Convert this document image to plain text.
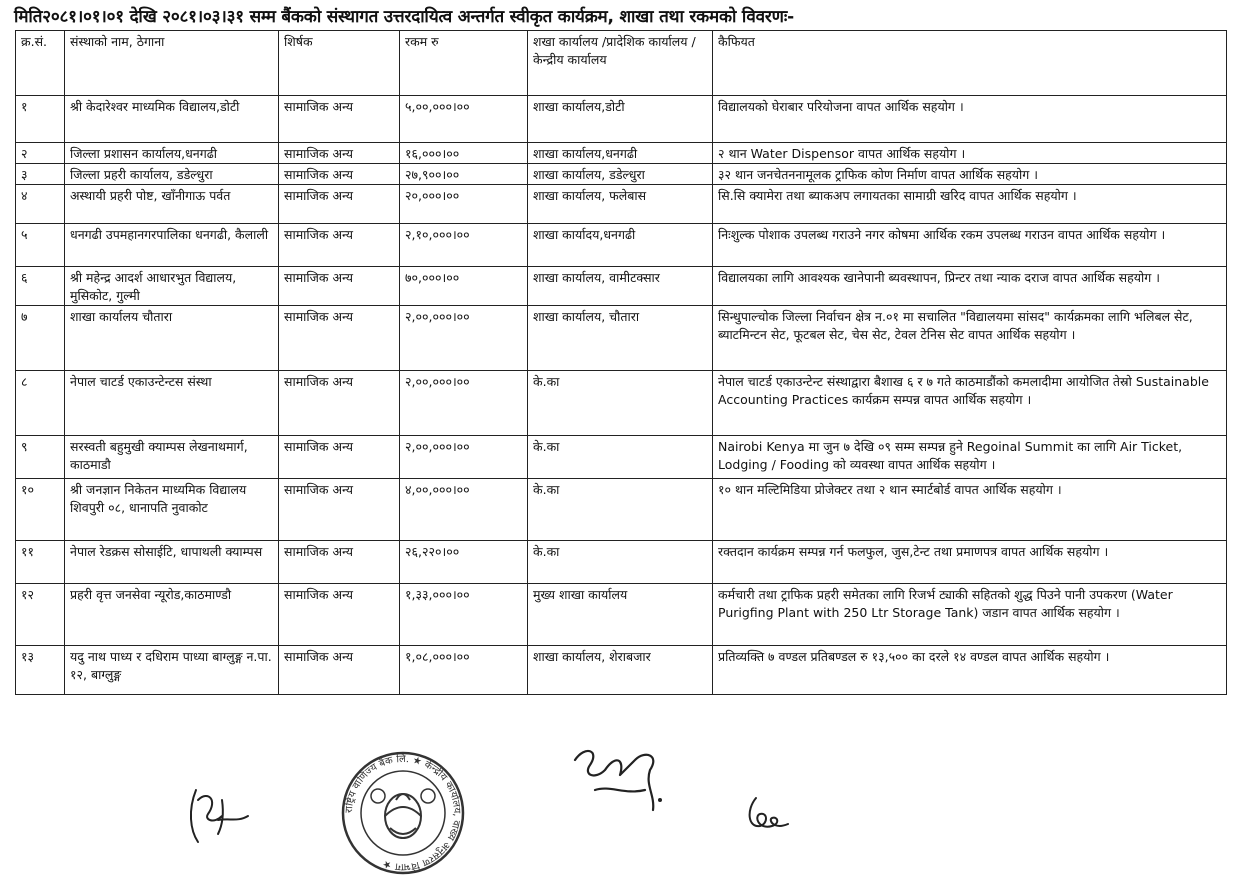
मिति२०८१।०१।०१ देखि २०८१।०३।३१ सम्म बैंकको संस्थागत उत्तरदायित्व अन्तर्गत स्वीकृत कार्यक्रम, शाखा तथा रकमको विवरणः-
क्र.सं.	संस्थाको नाम, ठेगाना	शिर्षक	रकम रु	शखा कार्यालय /प्रादेशिक कार्यालय / केन्द्रीय कार्यालय	कैफियत
१	श्री केदारेश्वर माध्यमिक विद्यालय,डोटी	सामाजिक अन्य	५,००,०००।००	शाखा कार्यालय,डोटी	विद्यालयको घेराबार परियोजना वापत आर्थिक सहयोग ।
२	जिल्ला प्रशासन कार्यालय,धनगढी	सामाजिक अन्य	१६,०००।००	शाखा कार्यालय,धनगढी	२ थान Water Dispensor वापत आर्थिक सहयोग ।
३	जिल्ला प्रहरी कार्यालय, डडेल्धुरा	सामाजिक अन्य	२७,९००।००	शाखा कार्यालय, डडेल्धुरा	३२ थान जनचेतननामूलक ट्राफिक कोण निर्माण वापत आर्थिक सहयोग ।
४	अस्थायी प्रहरी पोष्ट, खाँनीगाऊ पर्वत	सामाजिक अन्य	२०,०००।००	शाखा कार्यालय, फलेबास	सि.सि क्यामेरा तथा ब्याकअप लगायतका सामाग्री खरिद वापत आर्थिक सहयोग ।
५	धनगढी उपमहानगरपालिका धनगढी, कैलाली	सामाजिक अन्य	२,१०,०००।००	शाखा कार्यादय,धनगढी	निःशुल्क पोशाक उपलब्ध गराउने नगर कोषमा आर्थिक रकम उपलब्ध गराउन वापत आर्थिक सहयोग ।
६	श्री महेन्द्र आदर्श आधारभुत विद्यालय, मुसिकोट, गुल्मी	सामाजिक अन्य	७०,०००।००	शाखा कार्यालय, वामीटक्सार	विद्यालयका लागि आवश्यक खानेपानी ब्यवस्थापन, प्रिन्टर तथा न्याक दराज वापत आर्थिक सहयोग ।
७	शाखा कार्यालय चौतारा	सामाजिक अन्य	२,००,०००।००	शाखा कार्यालय, चौतारा	सिन्धुपाल्चोक जिल्ला निर्वाचन क्षेत्र न.०१ मा सचालित "विद्यालयमा सांसद" कार्यक्रमका लागि भलिबल सेट, ब्याटमिन्टन सेट, फूटबल सेट, चेस सेट, टेवल टेनिस सेट वापत आर्थिक सहयोग ।
८	नेपाल चाटर्ड एकाउन्टेन्टस संस्था	सामाजिक अन्य	२,००,०००।००	के.का	नेपाल चाटर्ड एकाउन्टेन्ट संस्थाद्वारा बैशाख ६ र ७ गते काठमाडौंको कमलादीमा आयोजित तेस्रो Sustainable Accounting Practices कार्यक्रम सम्पन्न वापत आर्थिक सहयोग ।
९	सरस्वती बहुमुखी क्याम्पस लेखनाथमार्ग, काठमाडौ	सामाजिक अन्य	२,००,०००।००	के.का	Nairobi Kenya मा जुन ७ देखि ०९ सम्म सम्पन्न हुने Regoinal Summit का लागि Air Ticket, Lodging / Fooding को व्यवस्था वापत आर्थिक सहयोग ।
१०	श्री जनज्ञान निकेतन माध्यमिक विद्यालय शिवपुरी ०८, धानापति नुवाकोट	सामाजिक अन्य	४,००,०००।००	के.का	१० थान मल्टिमिडिया प्रोजेक्टर तथा २ थान स्मार्टबोर्ड वापत आर्थिक सहयोग ।
११	नेपाल रेडक्रस सोसाईटि, धापाथली क्याम्पस	सामाजिक अन्य	२६,२२०।००	के.का	रक्तदान कार्यक्रम सम्पन्न गर्न फलफुल, जुस,टेन्ट तथा प्रमाणपत्र वापत आर्थिक सहयोग ।
१२	प्रहरी वृत्त जनसेवा न्यूरोड,काठमाण्डौ	सामाजिक अन्य	१,३३,०००।००	मुख्य शाखा कार्यालय	कर्मचारी तथा ट्राफिक प्रहरी समेतका लागि रिजर्भ ट्याकी सहितको शुद्ध पिउने पानी उपकरण (Water Purigfing Plant with 250 Ltr Storage Tank) जडान वापत आर्थिक सहयोग ।
१३	यदु नाथ पाध्य र दधिराम पाध्या बाग्लुङ्ग न.पा. १२, बाग्लुङ्ग	सामाजिक अन्य	१,०८,०००।००	शाखा कार्यालय, शेराबजार	प्रतिव्यक्ति ७ वण्डल प्रतिबण्डल रु १३,५०० का दरले १४ वण्डल वापत आर्थिक सहयोग ।
राष्ट्रिय वाणिज्य बैंक लि. ★ केन्द्रीय कार्यालय, वाख्य अनुसरण विभाग ★
